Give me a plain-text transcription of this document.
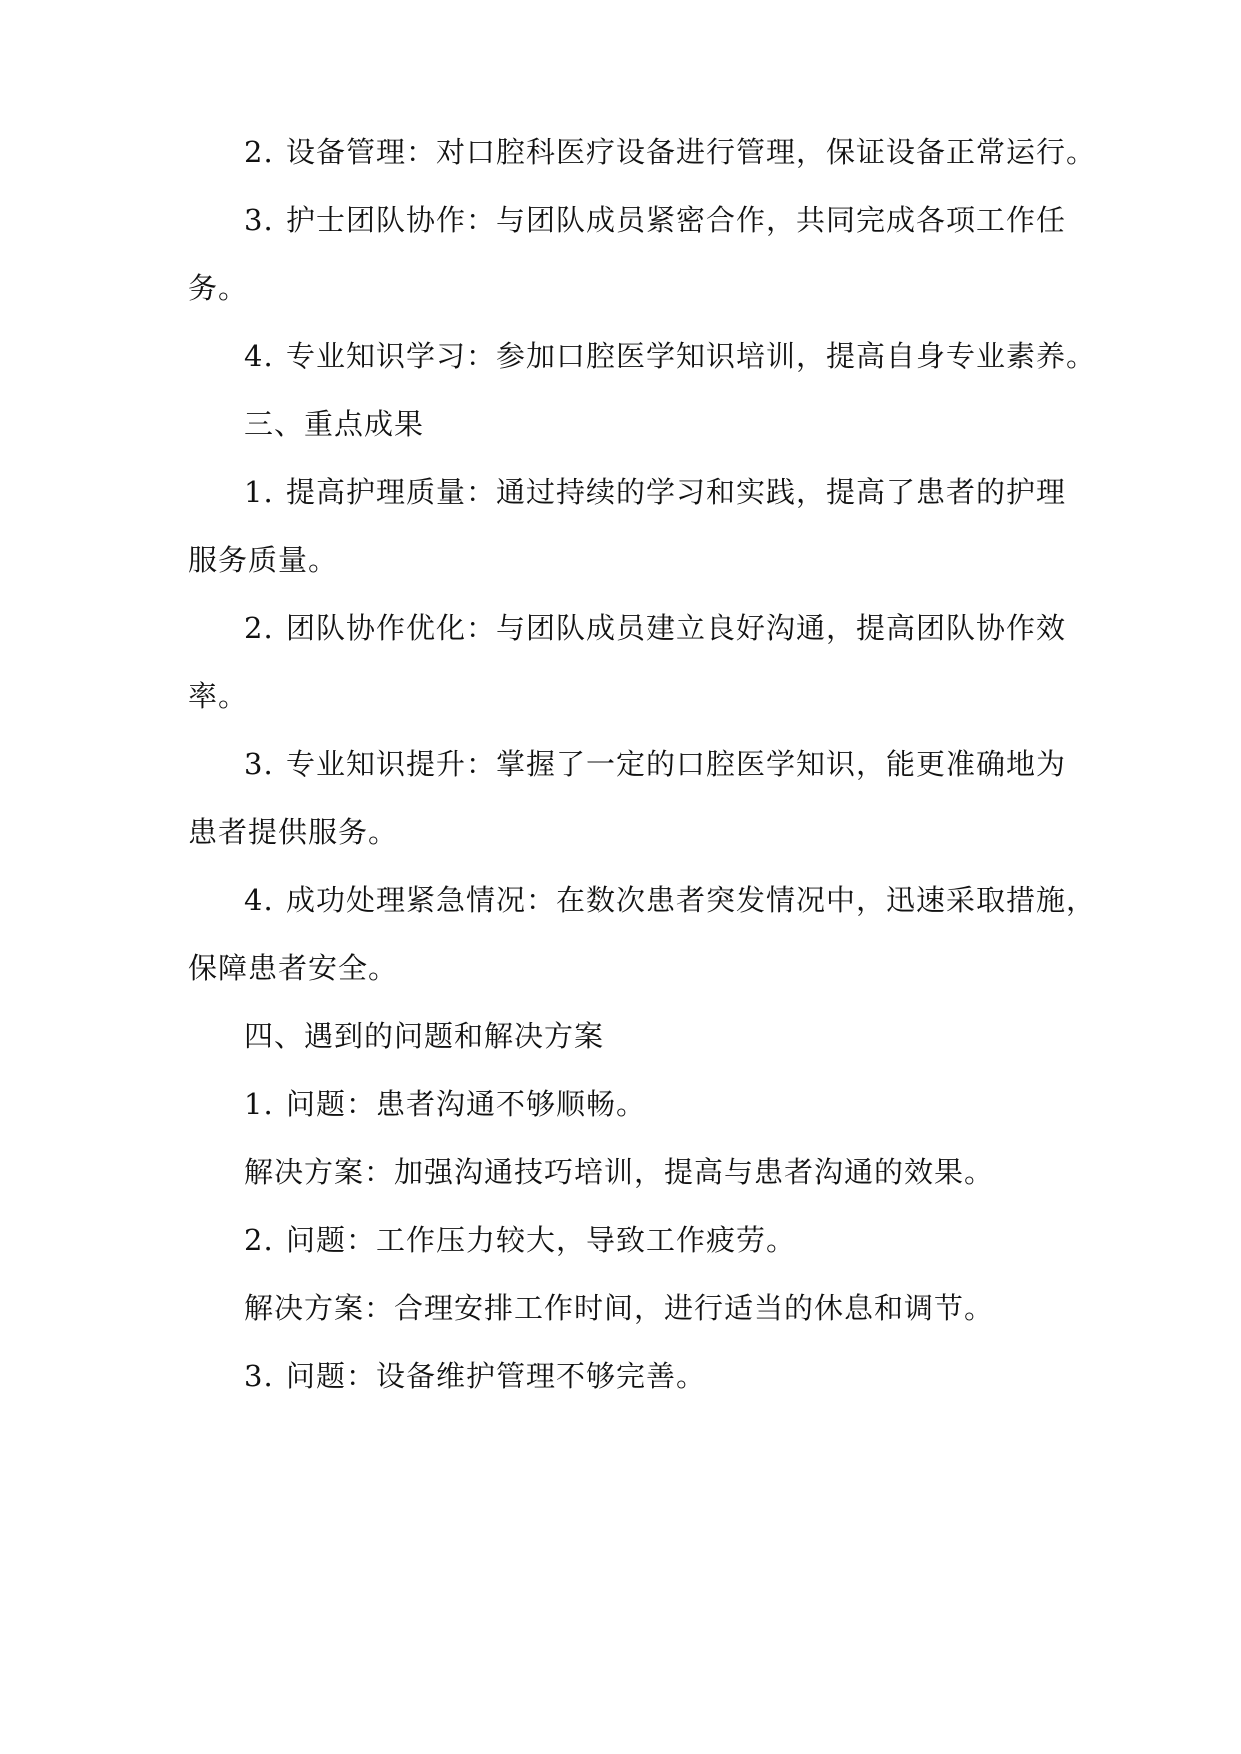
2. 设备管理：对口腔科医疗设备进行管理，保证设备正常运行。
3. 护士团队协作：与团队成员紧密合作，共同完成各项工作任
务。
4. 专业知识学习：参加口腔医学知识培训，提高自身专业素养。
三、重点成果
1. 提高护理质量：通过持续的学习和实践，提高了患者的护理
服务质量。
2. 团队协作优化：与团队成员建立良好沟通，提高团队协作效
率。
3. 专业知识提升：掌握了一定的口腔医学知识，能更准确地为
患者提供服务。
4. 成功处理紧急情况：在数次患者突发情况中，迅速采取措施，
保障患者安全。
四、遇到的问题和解决方案
1. 问题：患者沟通不够顺畅。
解决方案：加强沟通技巧培训，提高与患者沟通的效果。
2. 问题：工作压力较大，导致工作疲劳。
解决方案：合理安排工作时间，进行适当的休息和调节。
3. 问题：设备维护管理不够完善。
